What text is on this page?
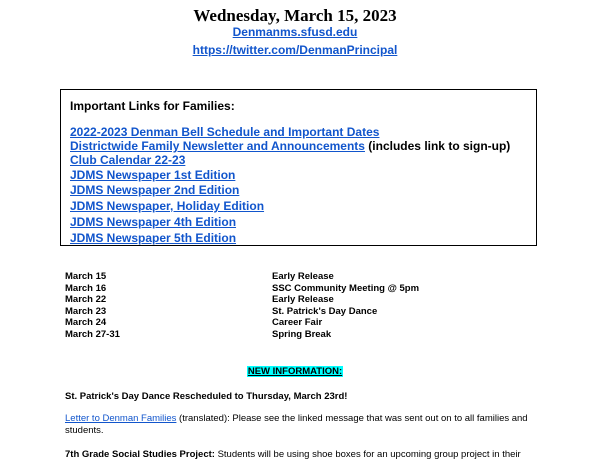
Wednesday, March 15, 2023
Denmanms.sfusd.edu
https://twitter.com/DenmanPrincipal

Important Links for Families:

2022-2023 Denman Bell Schedule and Important Dates
Districtwide Family Newsletter and Announcements (includes link to sign-up)
Club Calendar 22-23
JDMS Newspaper 1st Edition
JDMS Newspaper 2nd Edition
JDMS Newspaper, Holiday Edition
JDMS Newspaper 4th Edition
JDMS Newspaper 5th Edition
March 15	Early Release
March 16	SSC Community Meeting @ 5pm
March 22	Early Release
March 23	St. Patrick's Day Dance
March 24	Career Fair
March 27-31	Spring Break
NEW INFORMATION:

St. Patrick's Day Dance Rescheduled to Thursday, March 23rd!

Letter to Denman Families (translated): Please see the linked message that was sent out on to all families and students.

7th Grade Social Studies Project: Students will be using shoe boxes for an upcoming group project in their
